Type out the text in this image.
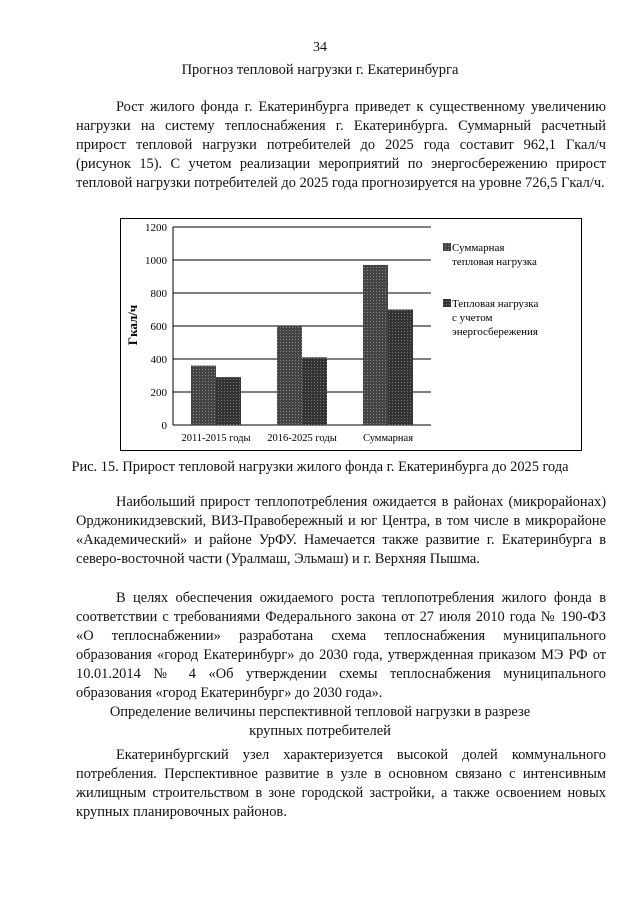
34
Прогноз тепловой нагрузки г. Екатеринбурга

Рост жилого фонда г. Екатеринбурга приведет к существенному увеличению нагрузки на систему теплоснабжения г. Екатеринбурга. Суммарный расчетный прирост тепловой нагрузки потребителей до 2025 года составит 962,1 Гкал/ч (рисунок 15). С учетом реализации мероприятий по энергосбережению прирост тепловой нагрузки потребителей до 2025 года прогнозируется на уровне 726,5 Гкал/ч.

0
200
400
600
800
1000
1200
2011-2015 годы 2016-2025 годы Суммарная
Суммарная
тепловая нагрузка
Тепловая нагрузка
с учетом
энергосбережения
Гкал/ч
Рис. 15. Прирост тепловой нагрузки жилого фонда г. Екатеринбурга до 2025 года

Наибольший прирост теплопотребления ожидается в районах (микрорайонах) Орджоникидзевский, ВИЗ-Правобережный и юг Центра, в том числе в микрорайоне «Академический» и районе УрФУ. Намечается также развитие г. Екатеринбурга в северо-восточной части (Уралмаш, Эльмаш) и г. Верхняя Пышма.

В целях обеспечения ожидаемого роста теплопотребления жилого фонда в соответствии с требованиями Федерального закона от 27 июля 2010 года № 190-ФЗ «О теплоснабжении» разработана схема теплоснабжения муниципального образования «город Екатеринбург» до 2030 года, утвержденная приказом МЭ РФ от 10.01.2014 № 4 «Об утверждении схемы теплоснабжения муниципального образования «город Екатеринбург» до 2030 года».

Определение величины перспективной тепловой нагрузки в разрезе
крупных потребителей

Екатеринбургский узел характеризуется высокой долей коммунального потребления. Перспективное развитие в узле в основном связано с интенсивным жилищным строительством в зоне городской застройки, а также освоением новых крупных планировочных районов.
